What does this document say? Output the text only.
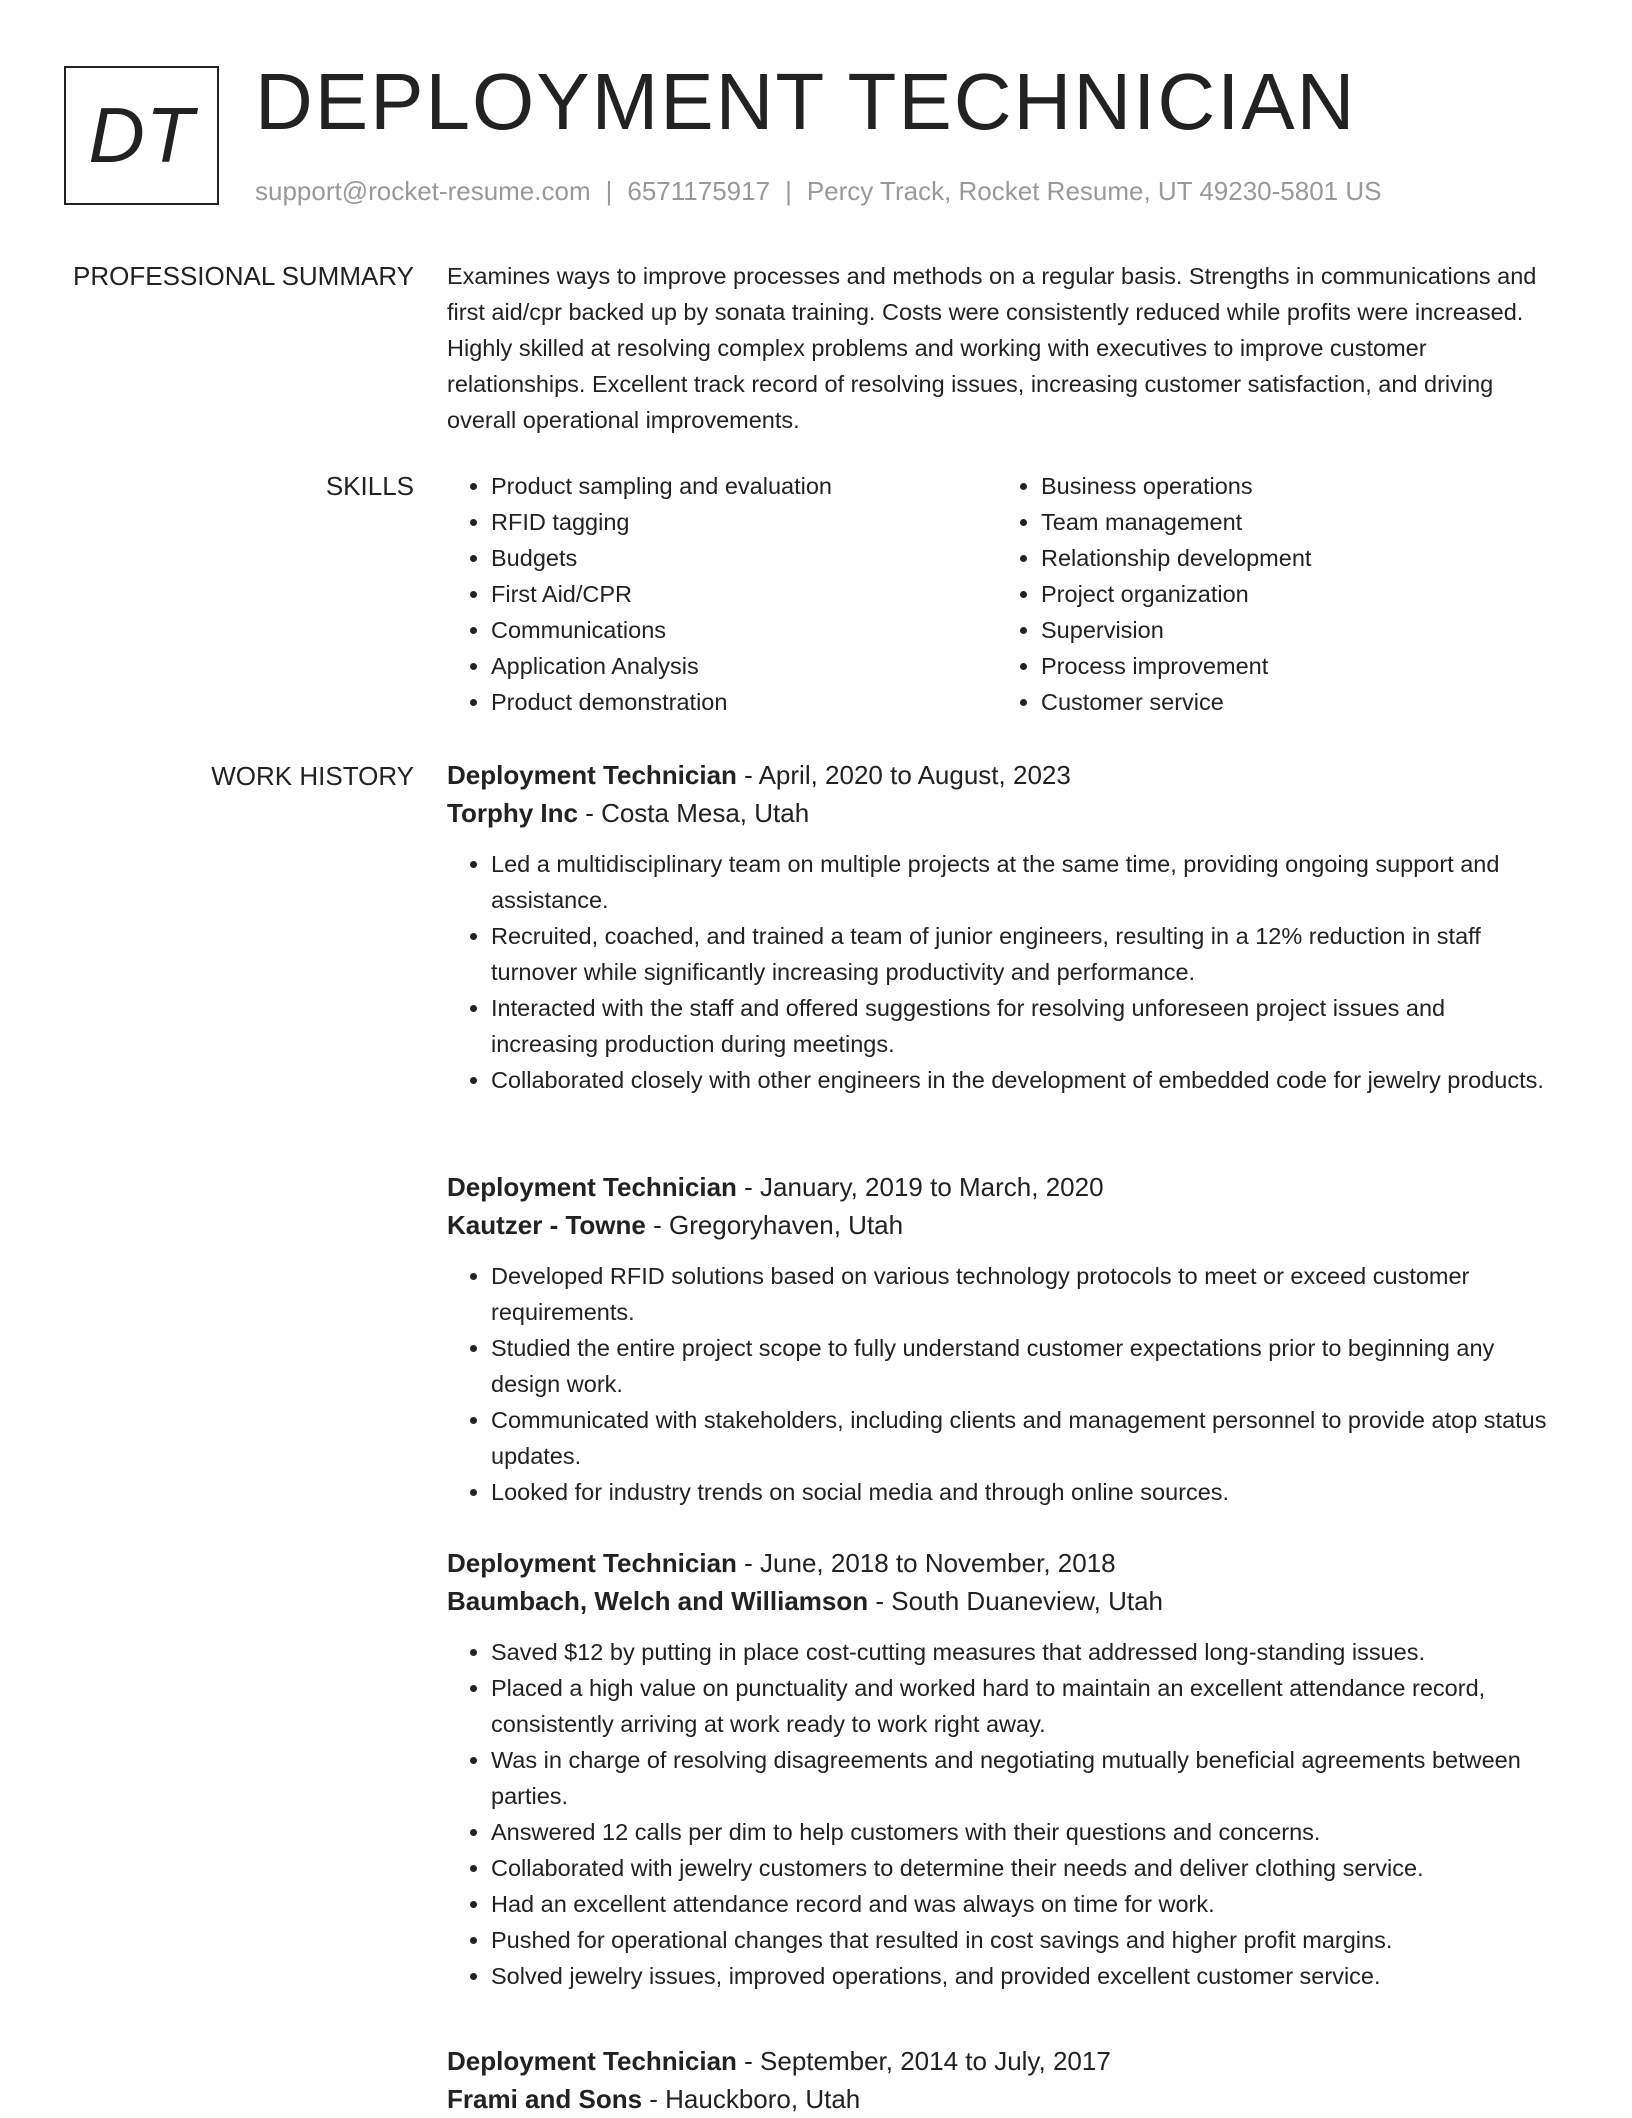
DT DEPLOYMENT TECHNICIAN
support@rocket-resume.com | 6571175917 | Percy Track, Rocket Resume, UT 49230-5801 US
PROFESSIONAL SUMMARY Examines ways to improve processes and methods on a regular basis. Strengths in communications and first aid/cpr backed up by sonata training. Costs were consistently reduced while profits were increased. Highly skilled at resolving complex problems and working with executives to improve customer relationships. Excellent track record of resolving issues, increasing customer satisfaction, and driving overall operational improvements.

SKILLS
•	Product sampling and evaluation
• RFID tagging
• Budgets
• First Aid/CPR
• Communications
• Application Analysis
• Product demonstration
• Business operations
• Team management
• Relationship development
• Project organization
• Supervision
• Process improvement
• Customer service
WORK HISTORY Deployment Technician - April, 2020 to August, 2023
Torphy Inc - Costa Mesa, Utah
• Led a multidisciplinary team on multiple projects at the same time, providing ongoing support and assistance.
• Recruited, coached, and trained a team of junior engineers, resulting in a 12% reduction in staff turnover while significantly increasing productivity and performance.
• Interacted with the staff and offered suggestions for resolving unforeseen project issues and increasing production during meetings.
• Collaborated closely with other engineers in the development of embedded code for jewelry products.
Deployment Technician - January, 2019 to March, 2020
Kautzer - Towne - Gregoryhaven, Utah
• Developed RFID solutions based on various technology protocols to meet or exceed customer requirements.
• Studied the entire project scope to fully understand customer expectations prior to beginning any design work.
• Communicated with stakeholders, including clients and management personnel to provide atop status updates.
• Looked for industry trends on social media and through online sources.
Deployment Technician - June, 2018 to November, 2018
Baumbach, Welch and Williamson - South Duaneview, Utah
• Saved $12 by putting in place cost-cutting measures that addressed long-standing issues.
• Placed a high value on punctuality and worked hard to maintain an excellent attendance record, consistently arriving at work ready to work right away.
• Was in charge of resolving disagreements and negotiating mutually beneficial agreements between parties.
• Answered 12 calls per dim to help customers with their questions and concerns.
• Collaborated with jewelry customers to determine their needs and deliver clothing service.
• Had an excellent attendance record and was always on time for work.
• Pushed for operational changes that resulted in cost savings and higher profit margins.
• Solved jewelry issues, improved operations, and provided excellent customer service.
Deployment Technician - September, 2014 to July, 2017
Frami and Sons - Hauckboro, Utah
